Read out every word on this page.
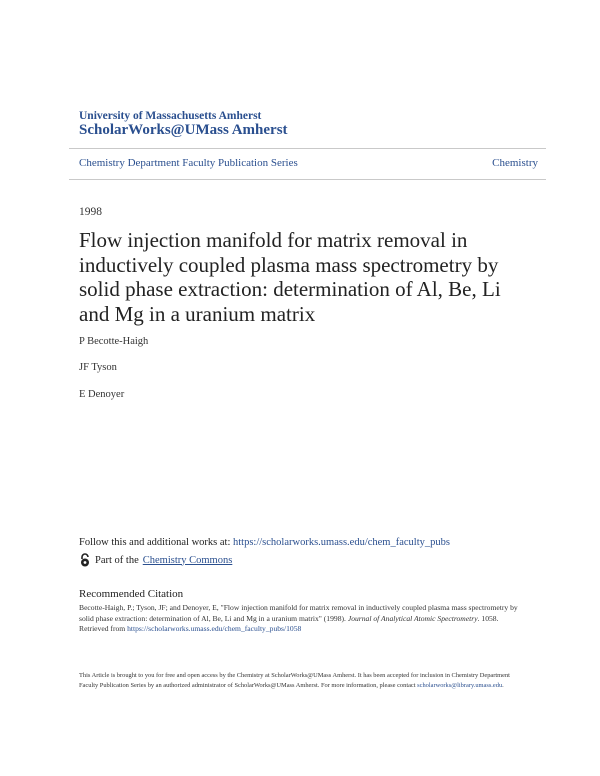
University of Massachusetts Amherst
ScholarWorks@UMass Amherst
Chemistry Department Faculty Publication Series	Chemistry
1998
Flow injection manifold for matrix removal in inductively coupled plasma mass spectrometry by solid phase extraction: determination of Al, Be, Li and Mg in a uranium matrix
P Becotte-Haigh
JF Tyson
E Denoyer
Follow this and additional works at: https://scholarworks.umass.edu/chem_faculty_pubs
Part of the Chemistry Commons
Recommended Citation
Becotte-Haigh, P.; Tyson, JF; and Denoyer, E, "Flow injection manifold for matrix removal in inductively coupled plasma mass spectrometry by solid phase extraction: determination of Al, Be, Li and Mg in a uranium matrix" (1998). Journal of Analytical Atomic Spectrometry. 1058.
Retrieved from https://scholarworks.umass.edu/chem_faculty_pubs/1058
This Article is brought to you for free and open access by the Chemistry at ScholarWorks@UMass Amherst. It has been accepted for inclusion in Chemistry Department Faculty Publication Series by an authorized administrator of ScholarWorks@UMass Amherst. For more information, please contact scholarworks@library.umass.edu.
